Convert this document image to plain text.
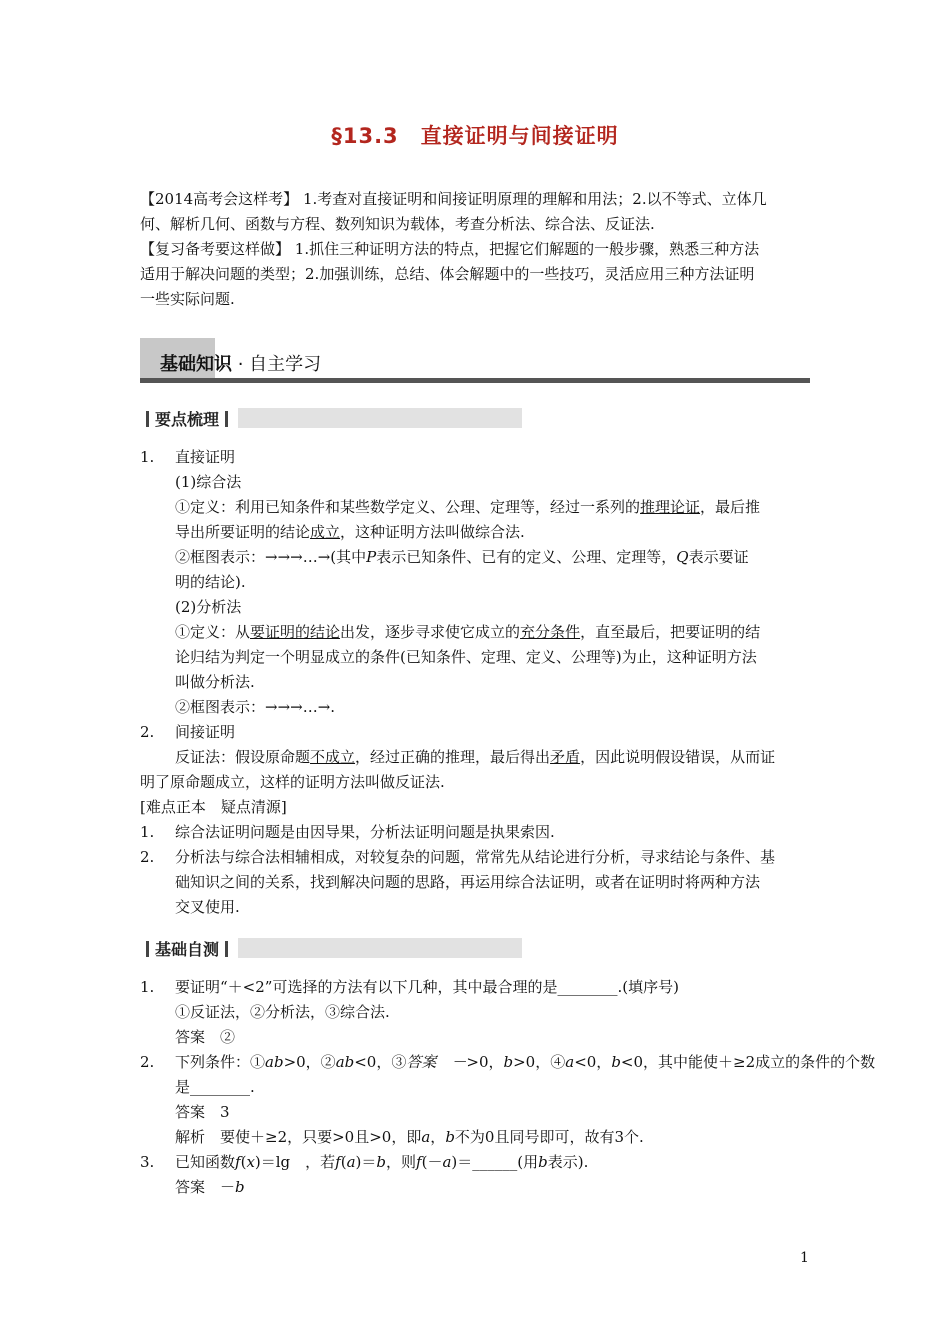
§13.3　直接证明与间接证明

【2014高考会这样考】 1.考查对直接证明和间接证明原理的理解和用法；2.以不等式、立体几

何、解析几何、函数与方程、数列知识为载体，考查分析法、综合法、反证法.

【复习备考要这样做】 1.抓住三种证明方法的特点，把握它们解题的一般步骤，熟悉三种方法

适用于解决问题的类型；2.加强训练，总结、体会解题中的一些技巧，灵活应用三种方法证明

一些实际问题.

基础知识 · 自主学习
要点梳理
1. 直接证明
(1)综合法
①定义：利用已知条件和某些数学定义、公理、定理等，经过一系列的推理论证，最后推
导出所要证明的结论成立，这种证明方法叫做综合法.
②框图表示：→→→…→(其中P表示已知条件、已有的定义、公理、定理等，Q表示要证
明的结论).
(2)分析法
①定义：从要证明的结论出发，逐步寻求使它成立的充分条件，直至最后，把要证明的结
论归结为判定一个明显成立的条件(已知条件、定理、定义、公理等)为止，这种证明方法
叫做分析法.
②框图表示：→→→…→.
2. 间接证明
反证法：假设原命题不成立，经过正确的推理，最后得出矛盾，因此说明假设错误，从而证
明了原命题成立，这样的证明方法叫做反证法.
[难点正本　疑点清源]
1. 综合法证明问题是由因导果，分析法证明问题是执果索因.
2. 分析法与综合法相辅相成，对较复杂的问题，常常先从结论进行分析，寻求结论与条件、基
础知识之间的关系，找到解决问题的思路，再运用综合法证明，或者在证明时将两种方法
交叉使用.
基础自测
1. 要证明“＋<2”可选择的方法有以下几种，其中最合理的是________.(填序号)
①反证法，②分析法，③综合法.
答案　②
2. 下列条件：①ab>0，②ab<0，③答案　－>0，b>0，④a<0，b<0，其中能使＋≥2成立的条件的个数
是________.
答案　3
解析　要使＋≥2，只要>0且>0，即a，b不为0且同号即可，故有3个.
3. 已知函数f(x)＝lg　，若f(a)＝b，则f(－a)＝______(用b表示).
答案　－b
1
